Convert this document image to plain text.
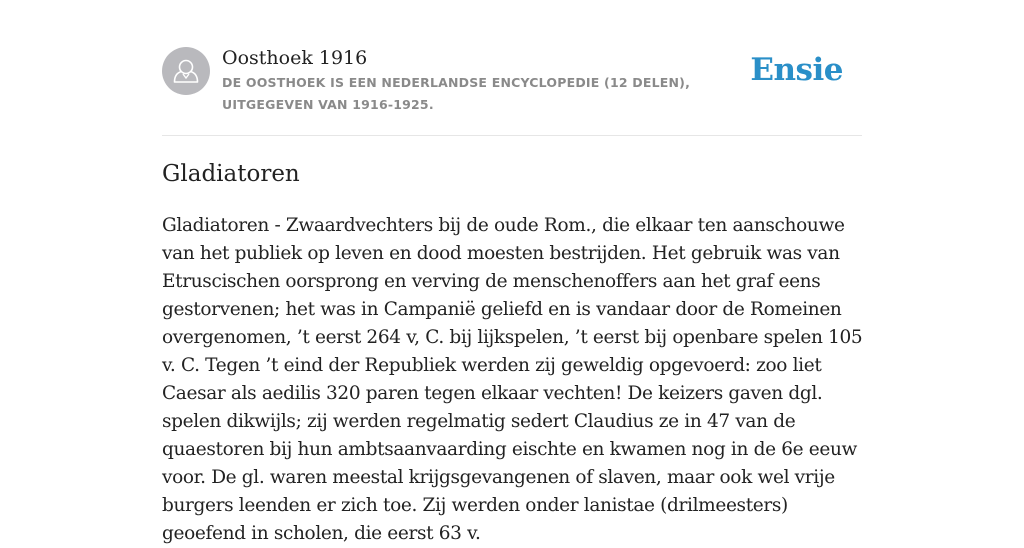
Oosthoek 1916
DE OOSTHOEK IS EEN NEDERLANDSE ENCYCLOPEDIE (12 DELEN), UITGEGEVEN VAN 1916-1925.
Ensie
Gladiatoren

Gladiatoren - Zwaardvechters bij de oude Rom., die elkaar ten aanschouwe van het publiek op leven en dood moesten bestrijden. Het gebruik was van Etruscischen oorsprong en verving de menschenoffers aan het graf eens gestorvenen; het was in Campanië geliefd en is vandaar door de Romeinen overgenomen, ’t eerst 264 v, C. bij lijkspelen, ’t eerst bij openbare spelen 105 v. C. Tegen ’t eind der Republiek werden zij geweldig opgevoerd: zoo liet Caesar als aedilis 320 paren tegen elkaar vechten! De keizers gaven dgl. spelen dikwijls; zij werden regelmatig sedert Claudius ze in 47 van de quaestoren bij hun ambtsaanvaarding eischte en kwamen nog in de 6e eeuw voor. De gl. waren meestal krijgsgevangenen of slaven, maar ook wel vrije burgers leenden er zich toe. Zij werden onder lanistae (drilmeesters) geoefend in scholen, die eerst 63 v.
